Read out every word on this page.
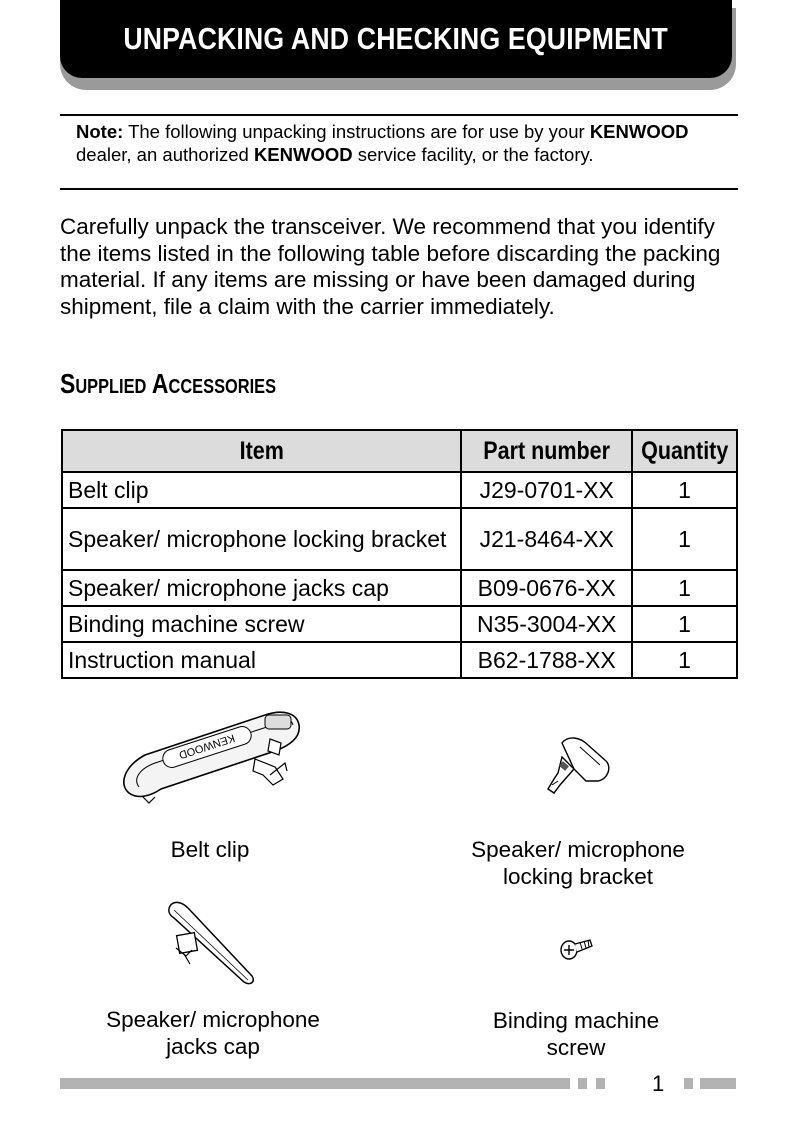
UNPACKING AND CHECKING EQUIPMENT
Note: The following unpacking instructions are for use by your KENWOOD dealer, an authorized KENWOOD service facility, or the factory.
Carefully unpack the transceiver. We recommend that you identify the items listed in the following table before discarding the packing material. If any items are missing or have been damaged during shipment, file a claim with the carrier immediately.
Supplied Accessories
Item	Part number	Quantity
Belt clip	J29-0701-XX	1
Speaker/ microphone locking bracket	J21-8464-XX	1
Speaker/ microphone jacks cap	B09-0676-XX	1
Binding machine screw	N35-3004-XX	1
Instruction manual	B62-1788-XX	1
KENWOOD
Belt clip	Speaker/ microphone
locking bracket
Speaker/ microphone
jacks cap
Binding machine
screw
1
